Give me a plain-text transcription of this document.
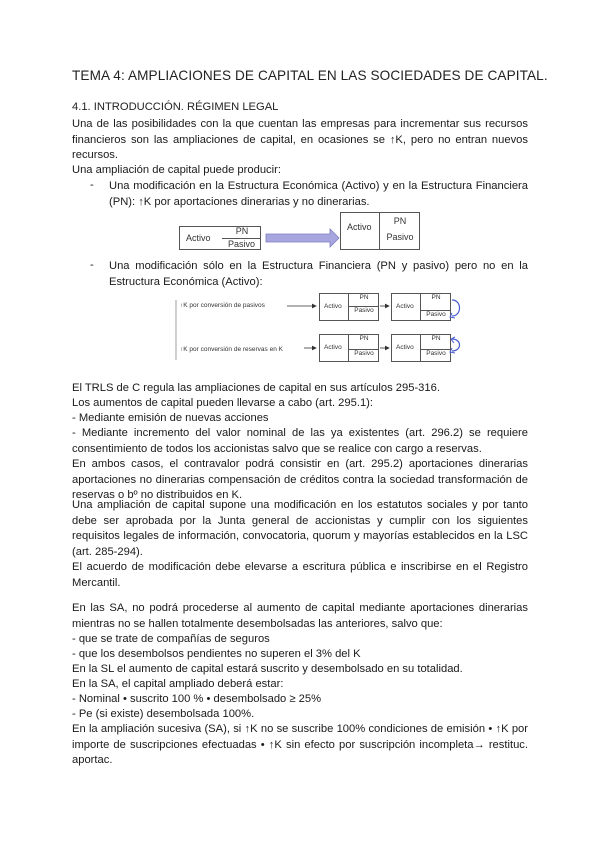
TEMA 4: AMPLIACIONES DE CAPITAL EN LAS SOCIEDADES DE CAPITAL.
4.1. INTRODUCCIÓN. RÉGIMEN LEGAL
Una de las posibilidades con la que cuentan las empresas para incrementar sus recursos financieros son las ampliaciones de capital, en ocasiones se ↑K, pero no entran nuevos recursos.
Una ampliación de capital puede producir:
- Una modificación en la Estructura Económica (Activo) y en la Estructura Financiera (PN): ↑K por aportaciones dinerarias y no dinerarias.
Activo
PN
Pasivo
Activo
PN
Pasivo
- Una modificación sólo en la Estructura Financiera (PN y pasivo) pero no en la Estructura Económica (Activo):
↑K por conversión de pasivos
↑K por conversión de reservas en K
Activo
PN
Pasivo
Activo
PN
Pasivo
Activo
PN
Pasivo
Activo
PN
Pasivo
El TRLS de C regula las ampliaciones de capital en sus artículos 295-316.
Los aumentos de capital pueden llevarse a cabo (art. 295.1):
- Mediante emisión de nuevas acciones
- Mediante incremento del valor nominal de las ya existentes (art. 296.2) se requiere consentimiento de todos los accionistas salvo que se realice con cargo a reservas.
En ambos casos, el contravalor podrá consistir en (art. 295.2) aportaciones dinerarias aportaciones no dinerarias compensación de créditos contra la sociedad transformación de reservas o bº no distribuidos en K.
Una ampliación de capital supone una modificación en los estatutos sociales y por tanto debe ser aprobada por la Junta general de accionistas y cumplir con los siguientes requisitos legales de información, convocatoria, quorum y mayorías establecidos en la LSC (art. 285-294).
El acuerdo de modificación debe elevarse a escritura pública e inscribirse en el Registro Mercantil.
En las SA, no podrá procederse al aumento de capital mediante aportaciones dinerarias mientras no se hallen totalmente desembolsadas las anteriores, salvo que:
- que se trate de compañías de seguros
- que los desembolsos pendientes no superen el 3% del K
En la SL el aumento de capital estará suscrito y desembolsado en su totalidad.
En la SA, el capital ampliado deberá estar:
- Nominal • suscrito 100 % • desembolsado ≥ 25%
- Pe (si existe) desembolsada 100%.
En la ampliación sucesiva (SA), si ↑K no se suscribe 100% condiciones de emisión • ↑K por importe de suscripciones efectuadas • ↑K sin efecto por suscripción incompleta→ restituc. aportac.
